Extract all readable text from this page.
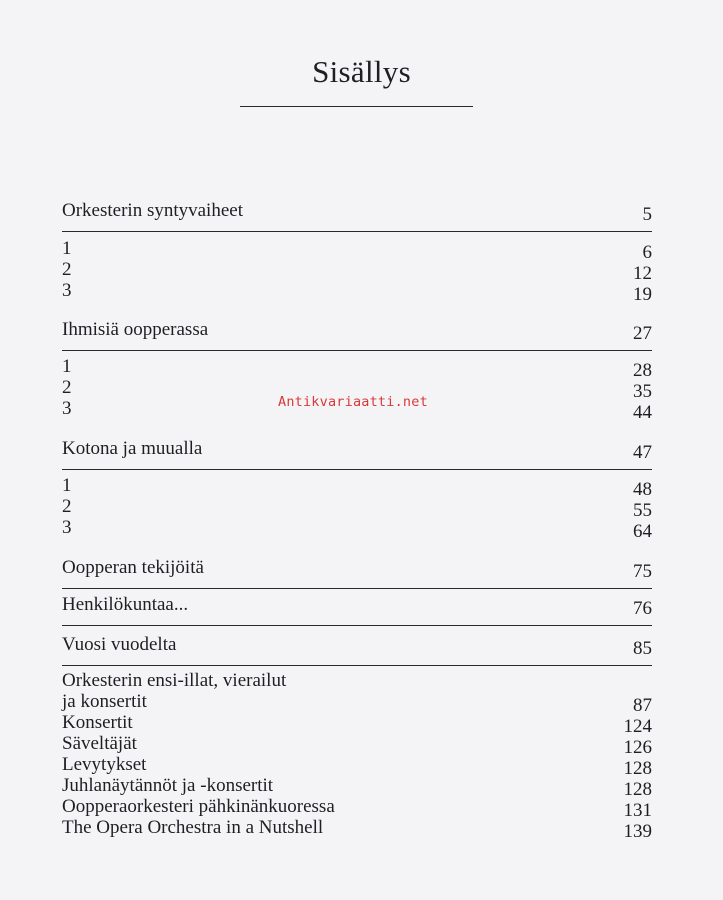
Sisällys
Orkesterin syntyvaiheet	5
1	6
2	12
3	19
Ihmisiä oopperassa	27
1	28
2	35
3	44
Kotona ja muualla	47
1	48
2	55
3	64
Oopperan tekijöitä	75
Henkilökuntaa...	76
Vuosi vuodelta	85
Orkesterin ensi-illat, vierailut
ja konsertit	87
Konsertit	124
Säveltäjät	126
Levytykset	128
Juhlanäytännöt ja -konsertit	128
Oopperaorkesteri pähkinänkuoressa	131
The Opera Orchestra in a Nutshell	139
Antikvariaatti.net
